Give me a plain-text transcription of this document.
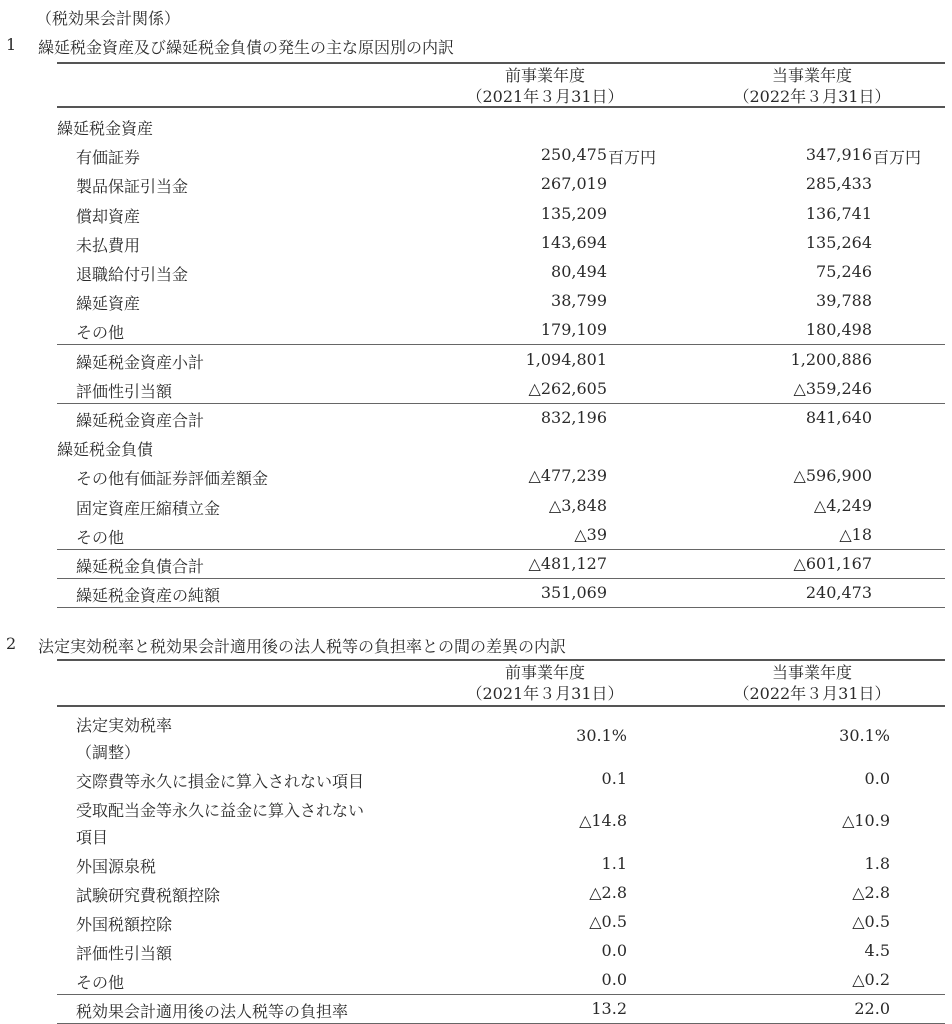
（税効果会計関係）
1 繰延税金資産及び繰延税金負債の発生の主な原因別の内訳
前事業年度
（2021年３月31日）
当事業年度
（2022年３月31日）
繰延税金資産
有価証券	250,475 百万円	347,916 百万円
製品保証引当金	267,019	285,433
償却資産	135,209	136,741
未払費用	143,694	135,264
退職給付引当金	80,494	75,246
繰延資産	38,799	39,788
その他	179,109	180,498
繰延税金資産小計	1,094,801	1,200,886
評価性引当額	△262,605	△359,246
繰延税金資産合計	832,196	841,640
繰延税金負債
その他有価証券評価差額金	△477,239	△596,900
固定資産圧縮積立金	△3,848	△4,249
その他	△39	△18
繰延税金負債合計	△481,127	△601,167
繰延税金資産の純額	351,069	240,473
2 法定実効税率と税効果会計適用後の法人税等の負担率との間の差異の内訳
前事業年度
（2021年３月31日）
当事業年度
（2022年３月31日）
法定実効税率
（調整）
30.1%	30.1%
交際費等永久に損金に算入されない項目	0.1	0.0
受取配当金等永久に益金に算入されない
項目
△14.8	△10.9
外国源泉税	1.1	1.8
試験研究費税額控除	△2.8	△2.8
外国税額控除	△0.5	△0.5
評価性引当額	0.0	4.5
その他	0.0	△0.2
税効果会計適用後の法人税等の負担率	13.2	22.0
